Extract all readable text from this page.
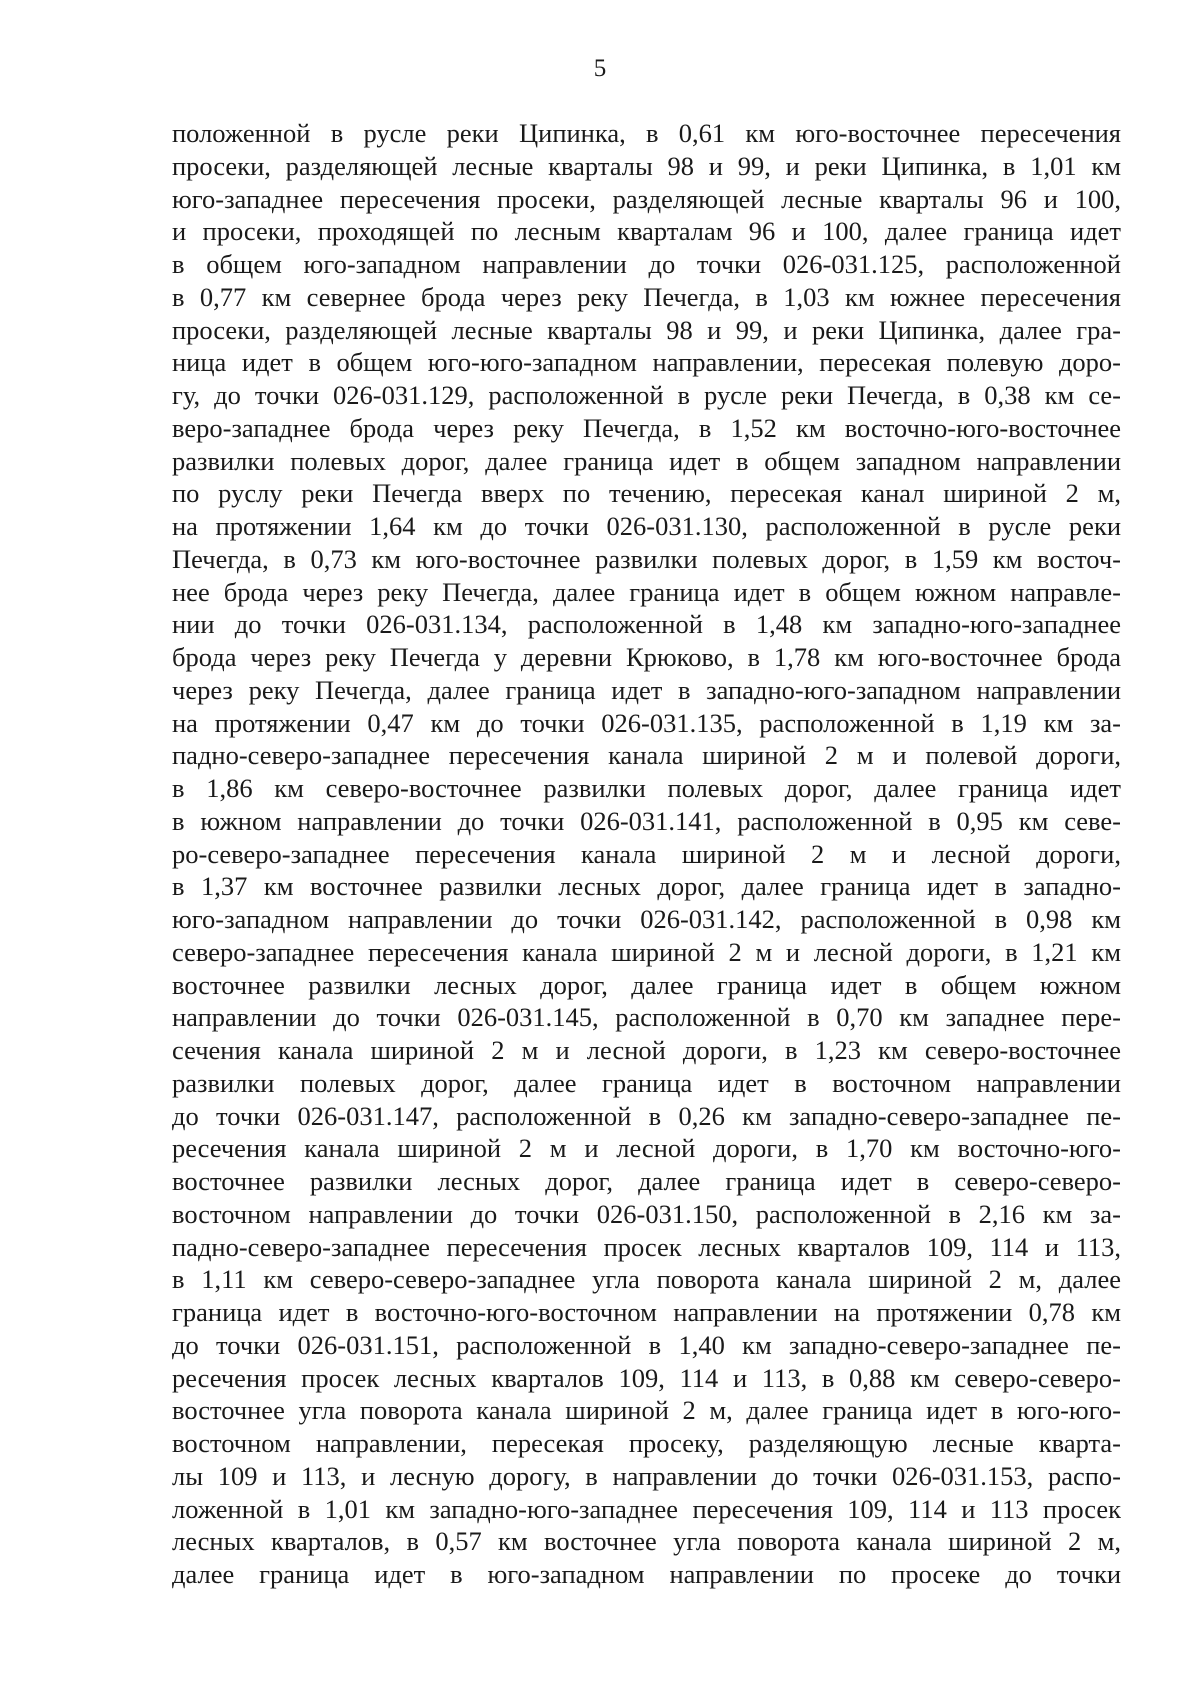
5
положенной в русле реки Ципинка, в 0,61 км юго-восточнее пересечения
просеки, разделяющей лесные кварталы 98 и 99, и реки Ципинка, в 1,01 км
юго-западнее пересечения просеки, разделяющей лесные кварталы 96 и 100,
и просеки, проходящей по лесным кварталам 96 и 100, далее граница идет
в общем юго-западном направлении до точки 026-031.125, расположенной
в 0,77 км севернее брода через реку Печегда, в 1,03 км южнее пересечения
просеки, разделяющей лесные кварталы 98 и 99, и реки Ципинка, далее гра-
ница идет в общем юго-юго-западном направлении, пересекая полевую доро-
гу, до точки 026-031.129, расположенной в русле реки Печегда, в 0,38 км се-
веро-западнее брода через реку Печегда, в 1,52 км восточно-юго-восточнее
развилки полевых дорог, далее граница идет в общем западном направлении
по руслу реки Печегда вверх по течению, пересекая канал шириной 2 м,
на протяжении 1,64 км до точки 026-031.130, расположенной в русле реки
Печегда, в 0,73 км юго-восточнее развилки полевых дорог, в 1,59 км восточ-
нее брода через реку Печегда, далее граница идет в общем южном направле-
нии до точки 026-031.134, расположенной в 1,48 км западно-юго-западнее
брода через реку Печегда у деревни Крюково, в 1,78 км юго-восточнее брода
через реку Печегда, далее граница идет в западно-юго-западном направлении
на протяжении 0,47 км до точки 026-031.135, расположенной в 1,19 км за-
падно-северо-западнее пересечения канала шириной 2 м и полевой дороги,
в 1,86 км северо-восточнее развилки полевых дорог, далее граница идет
в южном направлении до точки 026-031.141, расположенной в 0,95 км севе-
ро-северо-западнее пересечения канала шириной 2 м и лесной дороги,
в 1,37 км восточнее развилки лесных дорог, далее граница идет в западно-
юго-западном направлении до точки 026-031.142, расположенной в 0,98 км
северо-западнее пересечения канала шириной 2 м и лесной дороги, в 1,21 км
восточнее развилки лесных дорог, далее граница идет в общем южном
направлении до точки 026-031.145, расположенной в 0,70 км западнее пере-
сечения канала шириной 2 м и лесной дороги, в 1,23 км северо-восточнее
развилки полевых дорог, далее граница идет в восточном направлении
до точки 026-031.147, расположенной в 0,26 км западно-северо-западнее пе-
ресечения канала шириной 2 м и лесной дороги, в 1,70 км восточно-юго-
восточнее развилки лесных дорог, далее граница идет в северо-северо-
восточном направлении до точки 026-031.150, расположенной в 2,16 км за-
падно-северо-западнее пересечения просек лесных кварталов 109, 114 и 113,
в 1,11 км северо-северо-западнее угла поворота канала шириной 2 м, далее
граница идет в восточно-юго-восточном направлении на протяжении 0,78 км
до точки 026-031.151, расположенной в 1,40 км западно-северо-западнее пе-
ресечения просек лесных кварталов 109, 114 и 113, в 0,88 км северо-северо-
восточнее угла поворота канала шириной 2 м, далее граница идет в юго-юго-
восточном направлении, пересекая просеку, разделяющую лесные кварта-
лы 109 и 113, и лесную дорогу, в направлении до точки 026-031.153, распо-
ложенной в 1,01 км западно-юго-западнее пересечения 109, 114 и 113 просек
лесных кварталов, в 0,57 км восточнее угла поворота канала шириной 2 м,
далее граница идет в юго-западном направлении по просеке до точки
